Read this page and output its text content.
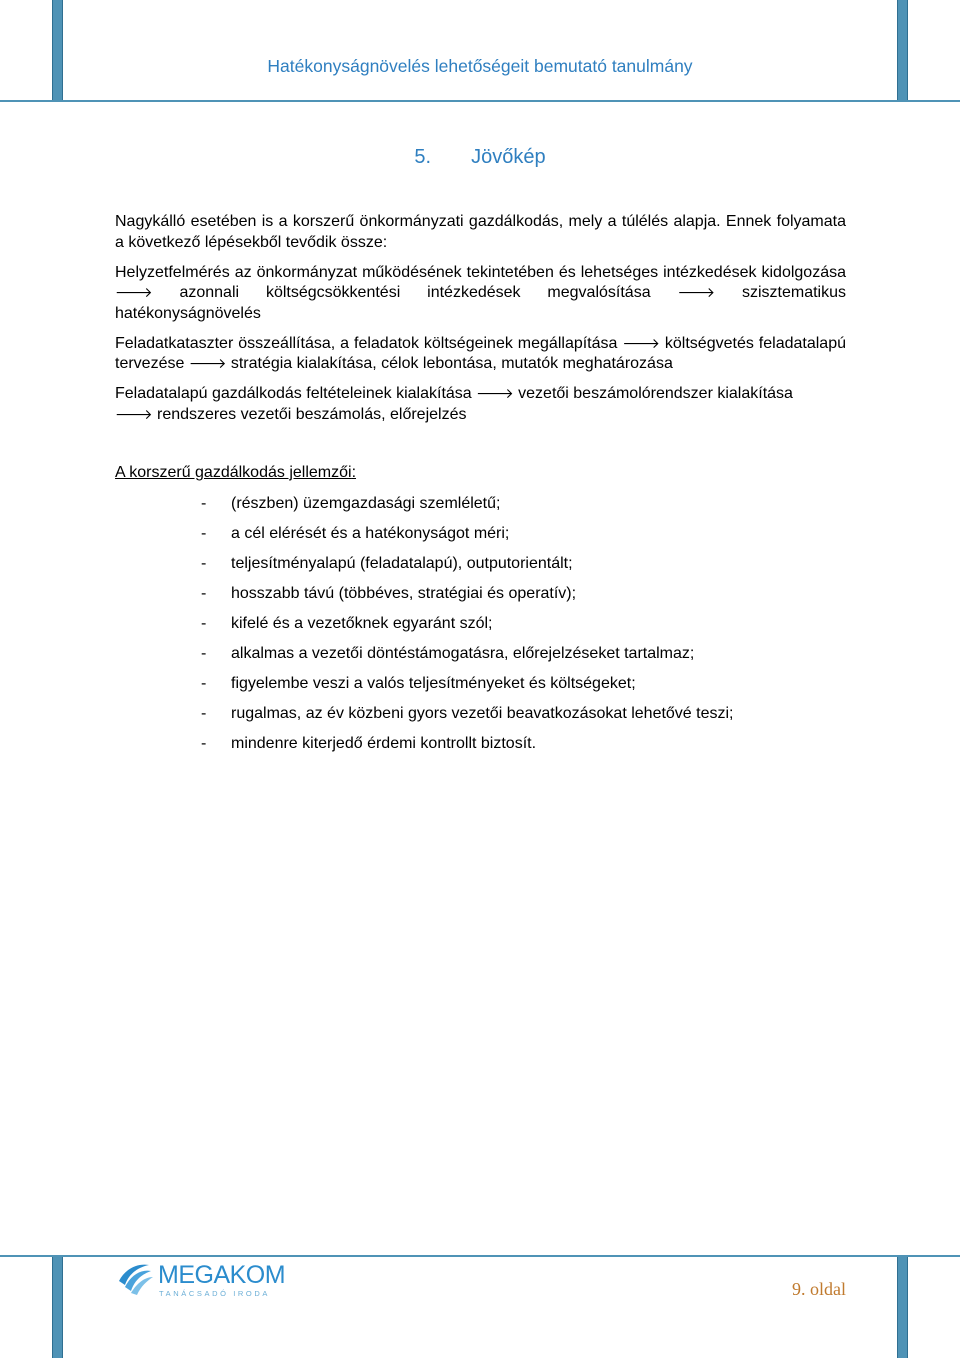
Hatékonyságnövelés lehetőségeit bemutató tanulmány
5. Jövőkép

Nagykálló esetében is a korszerű önkormányzati gazdálkodás, mely a túlélés alapja. Ennek folyamata a következő lépésekből tevődik össze:

Helyzetfelmérés az önkormányzat működésének tekintetében és lehetséges intézkedések kidolgozása 🡒 azonnali költségcsökkentési intézkedések megvalósítása 🡒 szisztematikus hatékonyságnövelés

Feladatkataszter összeállítása, a feladatok költségeinek megállapítása 🡒 költségvetés feladatalapú tervezése 🡒 stratégia kialakítása, célok lebontása, mutatók meghatározása

Feladatalapú gazdálkodás feltételeinek kialakítása 🡒 vezetői beszámolórendszer kialakítása
🡒 rendszeres vezetői beszámolás, előrejelzés

A korszerű gazdálkodás jellemzői:
- (részben) üzemgazdasági szemléletű;
- a cél elérését és a hatékonyságot méri;
- teljesítményalapú (feladatalapú), outputorientált;
- hosszabb távú (többéves, stratégiai és operatív);
- kifelé és a vezetőknek egyaránt szól;
- alkalmas a vezetői döntéstámogatásra, előrejelzéseket tartalmaz;
- figyelembe veszi a valós teljesítményeket és költségeket;
- rugalmas, az év közbeni gyors vezetői beavatkozásokat lehetővé teszi;
- mindenre kiterjedő érdemi kontrollt biztosít.
MEGAKOM
TANÁCSADÓ IRODA	9. oldal
